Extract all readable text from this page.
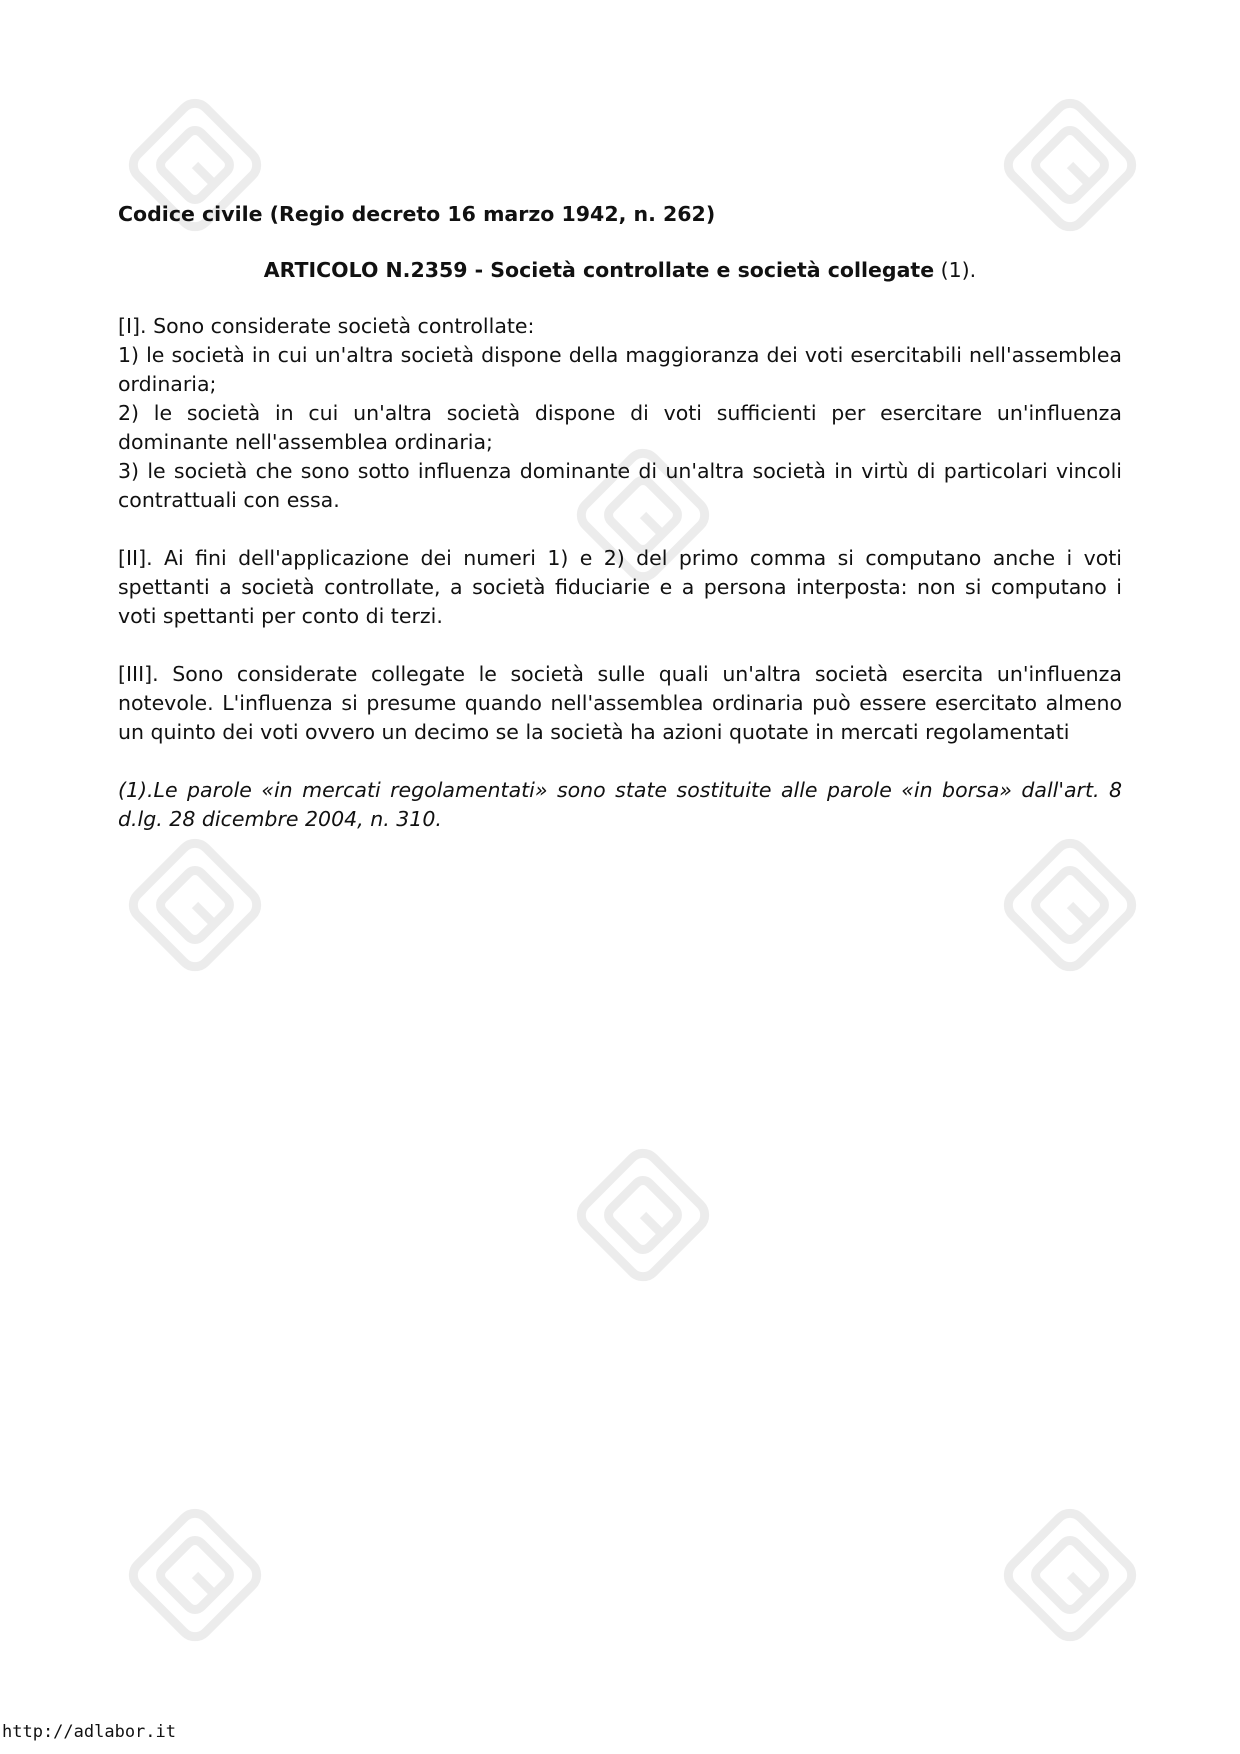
Codice civile (Regio decreto 16 marzo 1942, n. 262)
ARTICOLO N.2359 - Società controllate e società collegate (1).
[I]. Sono considerate società controllate:
1) le società in cui un'altra società dispone della maggioranza dei voti esercitabili nell'assemblea ordinaria;
2) le società in cui un'altra società dispone di voti sufficienti per esercitare un'influenza dominante nell'assemblea ordinaria;
3) le società che sono sotto influenza dominante di un'altra società in virtù di particolari vincoli contrattuali con essa.
[II]. Ai fini dell'applicazione dei numeri 1) e 2) del primo comma si computano anche i voti spettanti a società controllate, a società fiduciarie e a persona interposta: non si computano i voti spettanti per conto di terzi.
[III]. Sono considerate collegate le società sulle quali un'altra società esercita un'influenza notevole. L'influenza si presume quando nell'assemblea ordinaria può essere esercitato almeno un quinto dei voti ovvero un decimo se la società ha azioni quotate in mercati regolamentati
(1).Le parole «in mercati regolamentati» sono state sostituite alle parole «in borsa» dall'art. 8 d.lg. 28 dicembre 2004, n. 310.
http://adlabor.it
